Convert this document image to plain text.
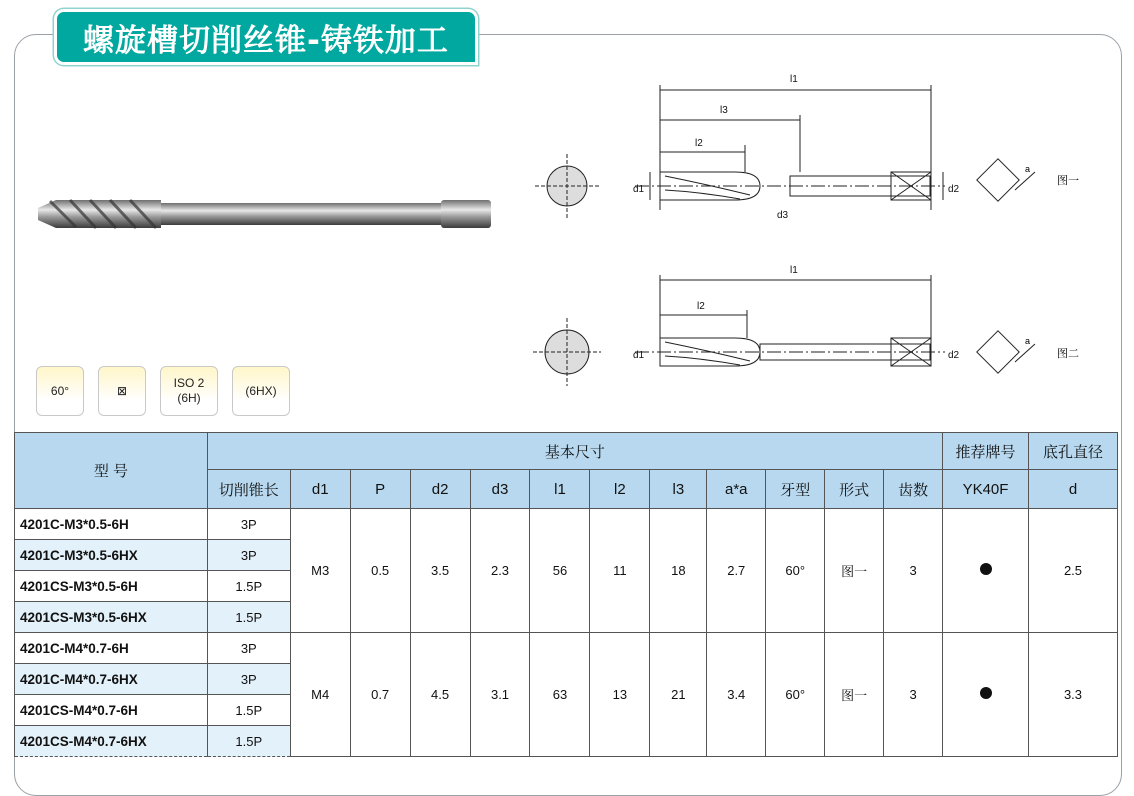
螺旋槽切削丝锥-铸铁加工
l1
l3
l2
d1	d2
d3
a
图一
l1
l2
d1	d2
a
图二
60°	⊠
ISO 2
(6H)
(6HX)
型 号	基本尺寸												推荐牌号	底孔直径
	切削锥长	d1	P	d2	d3	l1	l2	l3	a*a	牙型	形式	齿数	YK40F	d
4201C-M3*0.5-6H	3P	M3	0.5	3.5	2.3	56	11	18	2.7	60°	图一	3		2.5
4201C-M3*0.5-6HX	3P													
4201CS-M3*0.5-6H	1.5P													
4201CS-M3*0.5-6HX	1.5P													
4201C-M4*0.7-6H	3P	M4	0.7	4.5	3.1	63	13	21	3.4	60°	图一	3		3.3
4201C-M4*0.7-6HX	3P													
4201CS-M4*0.7-6H	1.5P													
4201CS-M4*0.7-6HX	1.5P													
